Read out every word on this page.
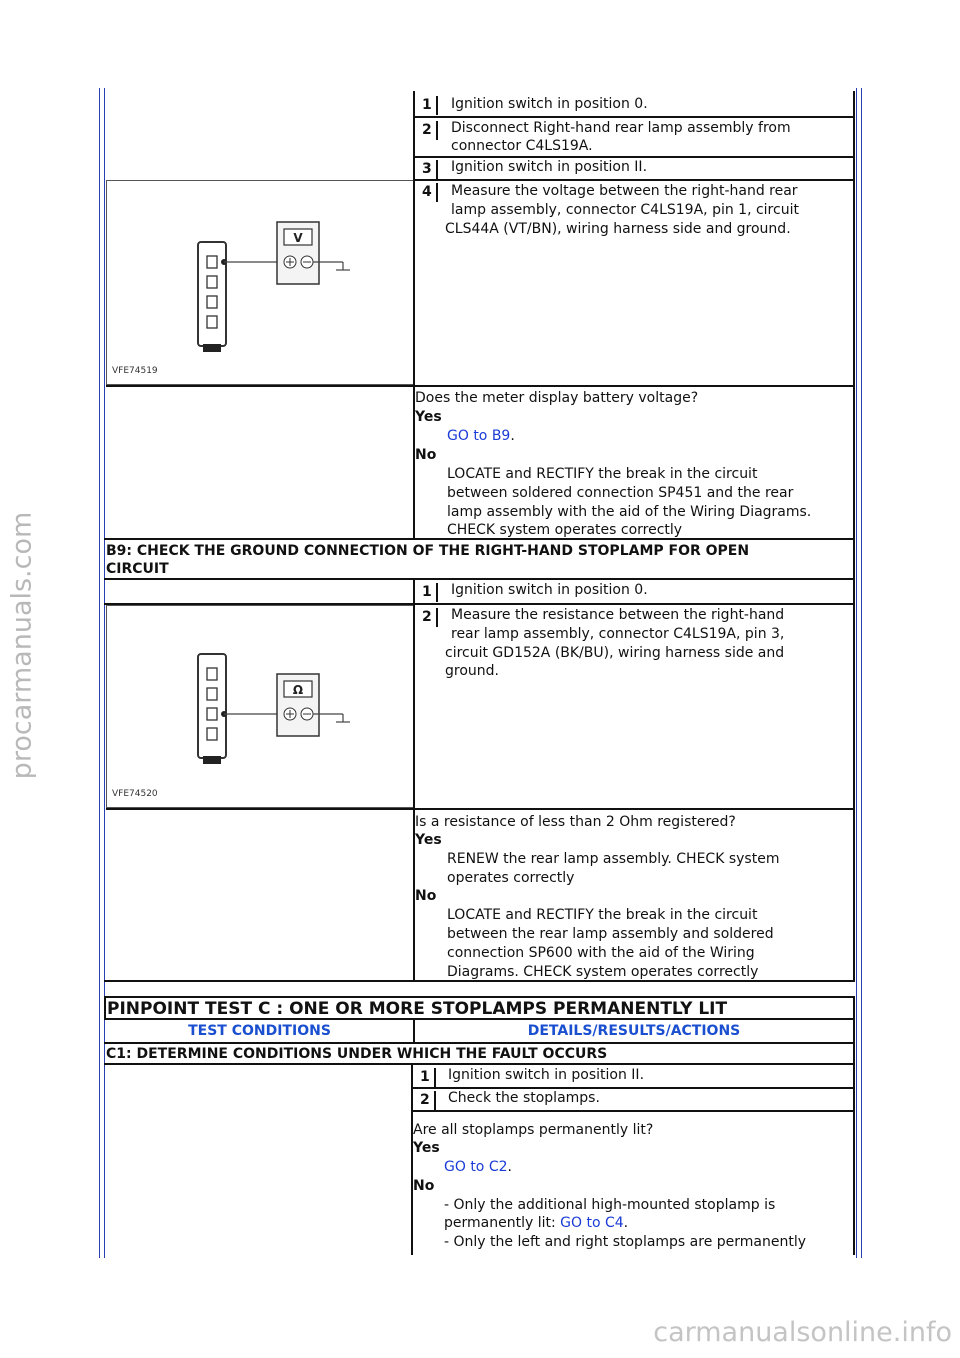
1	Ignition switch in position 0.
2	Disconnect Right-hand rear lamp assembly from
connector C4LS19A.
3	Ignition switch in position II.
V
VFE74519
4	Measure the voltage between the right-hand rear
lamp assembly, connector C4LS19A, pin 1, circuit
CLS44A (VT/BN), wiring harness side and ground.
Does the meter display battery voltage?
Yes
GO to B9.
No
LOCATE and RECTIFY the break in the circuit
between soldered connection SP451 and the rear
lamp assembly with the aid of the Wiring Diagrams.
CHECK system operates correctly
B9: CHECK THE GROUND CONNECTION OF THE RIGHT-HAND STOPLAMP FOR OPEN
CIRCUIT
1	Ignition switch in position 0.
Ω
VFE74520
2	Measure the resistance between the right-hand
rear lamp assembly, connector C4LS19A, pin 3,
circuit GD152A (BK/BU), wiring harness side and
ground.
Is a resistance of less than 2 Ohm registered?
Yes
RENEW the rear lamp assembly. CHECK system
operates correctly
No
LOCATE and RECTIFY the break in the circuit
between the rear lamp assembly and soldered
connection SP600 with the aid of the Wiring
Diagrams. CHECK system operates correctly
PINPOINT TEST C : ONE OR MORE STOPLAMPS PERMANENTLY LIT
TEST CONDITIONS	DETAILS/RESULTS/ACTIONS
C1: DETERMINE CONDITIONS UNDER WHICH THE FAULT OCCURS
1	Ignition switch in position II.
2	Check the stoplamps.
Are all stoplamps permanently lit?
Yes
GO to C2.
No
- Only the additional high-mounted stoplamp is
permanently lit: GO to C4.
- Only the left and right stoplamps are permanently
procarmanuals.com
carmanualsonline.info
